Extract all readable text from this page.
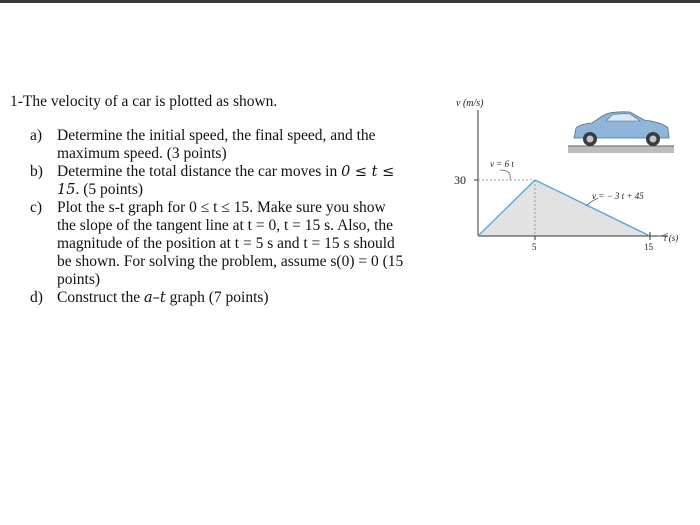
1-The velocity of a car is plotted as shown.
a) Determine the initial speed, the final speed, and the maximum speed. (3 points)
b) Determine the total distance the car moves in 0 ≤ t ≤ 15. (5 points)
c) Plot the s-t graph for 0 ≤ t ≤ 15. Make sure you show the slope of the tangent line at t = 0, t = 15 s. Also, the magnitude of the position at t = 5 s and t = 15 s should be shown. For solving the problem, assume s(0) = 0 (15 points)
d) Construct the a–t graph (7 points)
v (m/s)
30
5	15
t (s)
v = 6 t
v = − 3 t + 45
